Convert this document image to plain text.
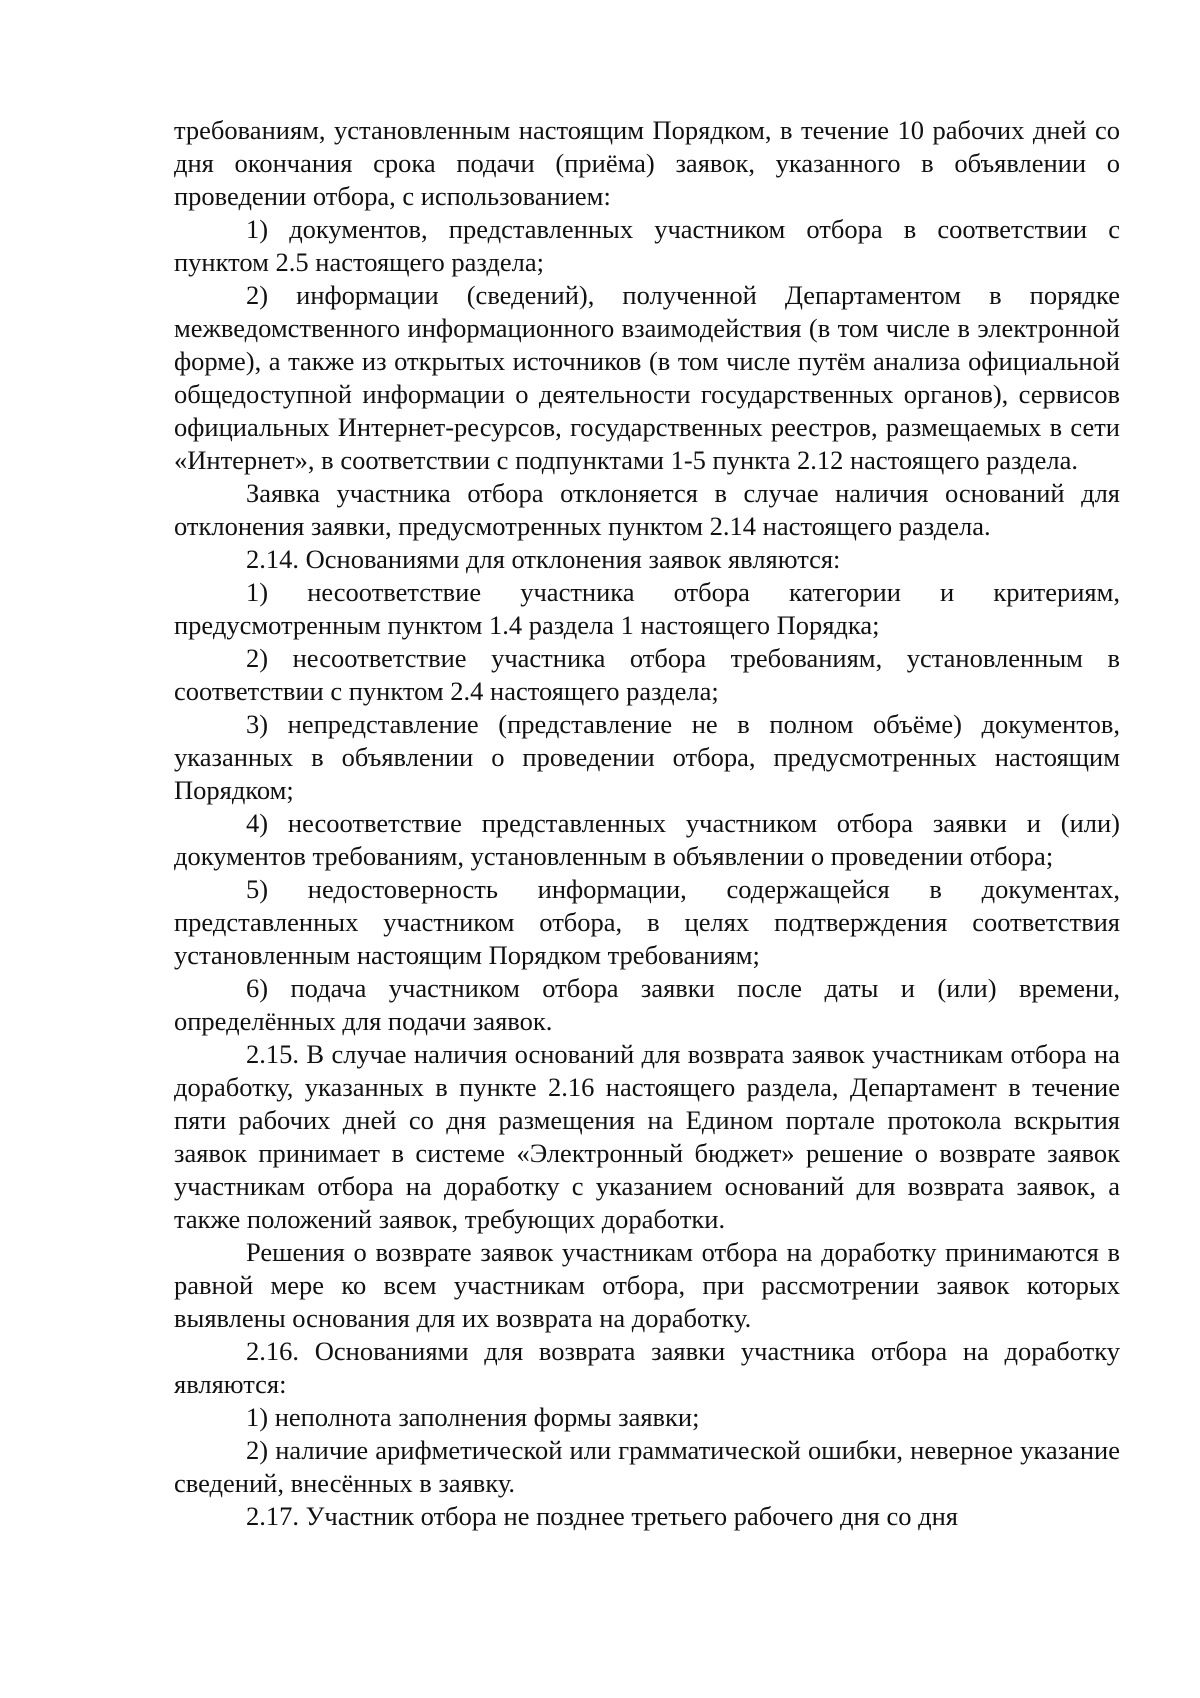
требованиям, установленным настоящим Порядком, в течение 10 рабочих дней со дня окончания срока подачи (приёма) заявок, указанного в объявлении о проведении отбора, с использованием:

1) документов, представленных участником отбора в соответствии с пунктом 2.5 настоящего раздела;

2) информации (сведений), полученной Департаментом в порядке межведомственного информационного взаимодействия (в том числе в электронной форме), а также из открытых источников (в том числе путём анализа официальной общедоступной информации о деятельности государственных органов), сервисов официальных Интернет-ресурсов, государственных реестров, размещаемых в сети «Интернет», в соответствии с подпунктами 1-5 пункта 2.12 настоящего раздела.

Заявка участника отбора отклоняется в случае наличия оснований для отклонения заявки, предусмотренных пунктом 2.14 настоящего раздела.

2.14. Основаниями для отклонения заявок являются:

1) несоответствие участника отбора категории и критериям, предусмотренным пунктом 1.4 раздела 1 настоящего Порядка;

2) несоответствие участника отбора требованиям, установленным в соответствии с пунктом 2.4 настоящего раздела;

3) непредставление (представление не в полном объёме) документов, указанных в объявлении о проведении отбора, предусмотренных настоящим Порядком;

4) несоответствие представленных участником отбора заявки и (или) документов требованиям, установленным в объявлении о проведении отбора;

5) недостоверность информации, содержащейся в документах, представленных участником отбора, в целях подтверждения соответствия установленным настоящим Порядком требованиям;

6) подача участником отбора заявки после даты и (или) времени, определённых для подачи заявок.

2.15. В случае наличия оснований для возврата заявок участникам отбора на доработку, указанных в пункте 2.16 настоящего раздела, Департамент в течение пяти рабочих дней со дня размещения на Едином портале протокола вскрытия заявок принимает в системе «Электронный бюджет» решение о возврате заявок участникам отбора на доработку с указанием оснований для возврата заявок, а также положений заявок, требующих доработки.

Решения о возврате заявок участникам отбора на доработку принимаются в равной мере ко всем участникам отбора, при рассмотрении заявок которых выявлены основания для их возврата на доработку.

2.16. Основаниями для возврата заявки участника отбора на доработку являются:

1) неполнота заполнения формы заявки;

2) наличие арифметической или грамматической ошибки, неверное указание сведений, внесённых в заявку.

2.17. Участник отбора не позднее третьего рабочего дня со дня
